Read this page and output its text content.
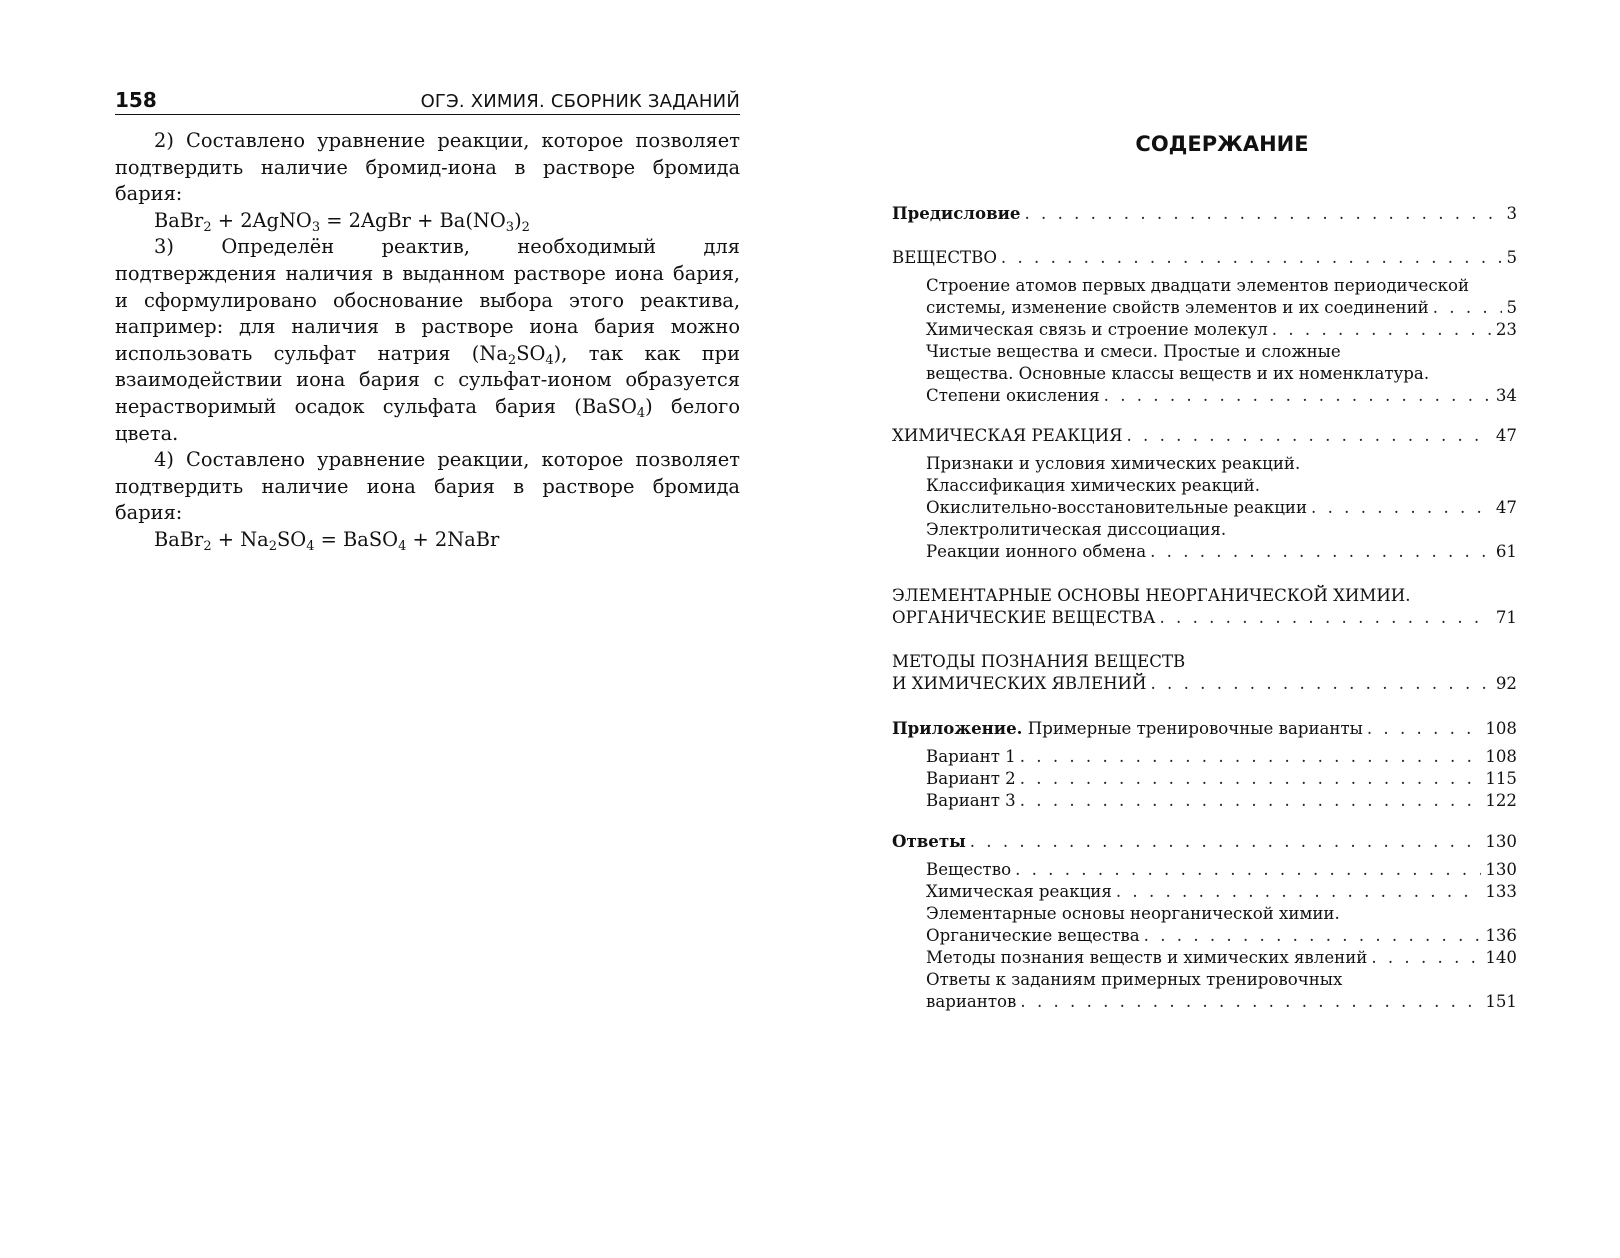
158	ОГЭ. ХИМИЯ. СБОРНИК ЗАДАНИЙ

2) Составлено уравнение реакции, которое позволяет подтвердить наличие бромид-иона в растворе бромида бария:

BaBr$_2$ + 2AgNO$_3$ = 2AgBr + $Ba(NO_3)_2$

3) Определён реактив, необходимый для подтверждения наличия в выданном растворе иона бария, и сформулировано обоснование выбора этого реактива, например: для наличия в растворе иона бария можно использовать сульфат натрия $(Na_2SO_4)$, так как при взаимодействии иона бария с сульфат-ионом образуется нерастворимый осадок сульфата бария (BaSO$_4$) белого цвета.

4) Составлено уравнение реакции, которое позволяет подтвердить наличие иона бария в растворе бромида бария:

BaBr$_2$ + $Na_2SO_4$ = BaSO$_4$ + 2NaBr

СОДЕРЖАНИЕ
Предисловие . . .	3
ВЕЩЕСТВО . . .	5
Строение атомов первых двадцати элементов периодической
системы, изменение свойств элементов и их соединений . . .	5
Химическая связь и строение молекул . . .	23
Чистые вещества и смеси. Простые и сложные
вещества. Основные классы веществ и их номенклатура.
Степени окисления . . .	34
ХИМИЧЕСКАЯ РЕАКЦИЯ . . .	47
Признаки и условия химических реакций.
Классификация химических реакций.
Окислительно-восстановительные реакции . . .	47
Электролитическая диссоциация.
Реакции ионного обмена . . .	61
ЭЛЕМЕНТАРНЫЕ ОСНОВЫ НЕОРГАНИЧЕСКОЙ ХИМИИ.
ОРГАНИЧЕСКИЕ ВЕЩЕСТВА . . .	71
МЕТОДЫ ПОЗНАНИЯ ВЕЩЕСТВ
И ХИМИЧЕСКИХ ЯВЛЕНИЙ . . .	92
Приложение. Примерные тренировочные варианты . . .	108
Вариант 1 . . .	108
Вариант 2 . . .	115
Вариант 3 . . .	122
Ответы . . .	130
Вещество . . .	130
Химическая реакция . . .	133
Элементарные основы неорганической химии.
Органические вещества . . .	136
Методы познания веществ и химических явлений . . .	140
Ответы к заданиям примерных тренировочных
вариантов . . .	151
